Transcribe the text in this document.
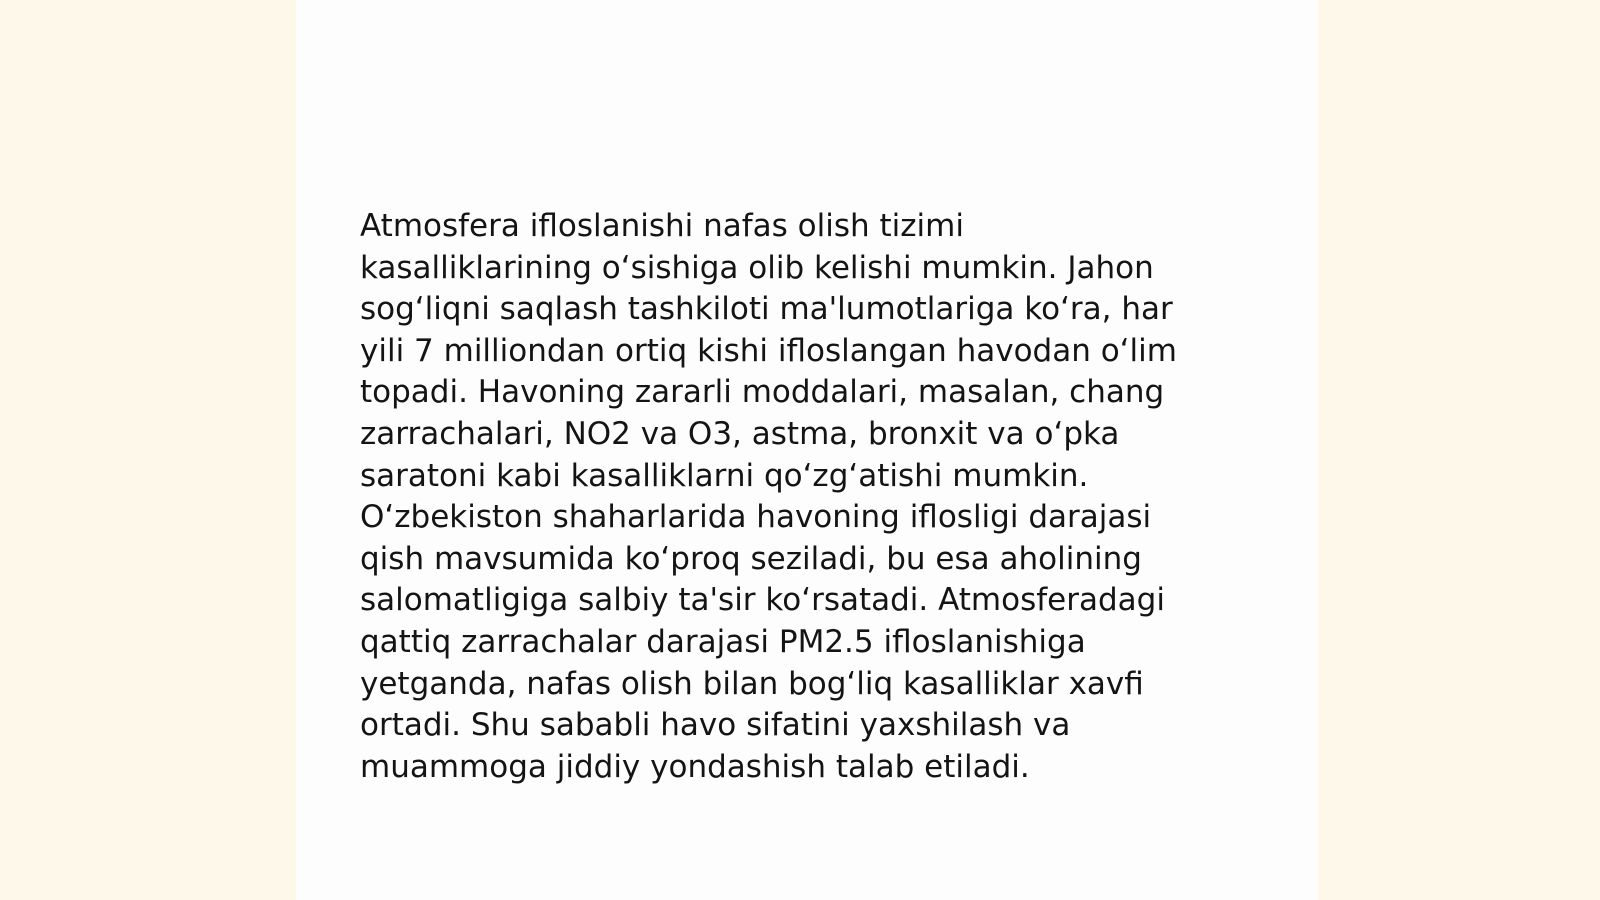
Atmosfera ifloslanishi nafas olish tizimi
kasalliklarining oʻsishiga olib kelishi mumkin. Jahon
sogʻliqni saqlash tashkiloti ma'lumotlariga koʻra, har
yili 7 milliondan ortiq kishi ifloslangan havodan oʻlim
topadi. Havoning zararli moddalari, masalan, chang
zarrachalari, NO2 va O3, astma, bronxit va oʻpka
saratoni kabi kasalliklarni qoʻzgʻatishi mumkin.
Oʻzbekiston shaharlarida havoning iflosligi darajasi
qish mavsumida koʻproq seziladi, bu esa aholining
salomatligiga salbiy ta'sir koʻrsatadi. Atmosferadagi
qattiq zarrachalar darajasi PM2.5 ifloslanishiga
yetganda, nafas olish bilan bogʻliq kasalliklar xavfi
ortadi. Shu sababli havo sifatini yaxshilash va
muammoga jiddiy yondashish talab etiladi.
